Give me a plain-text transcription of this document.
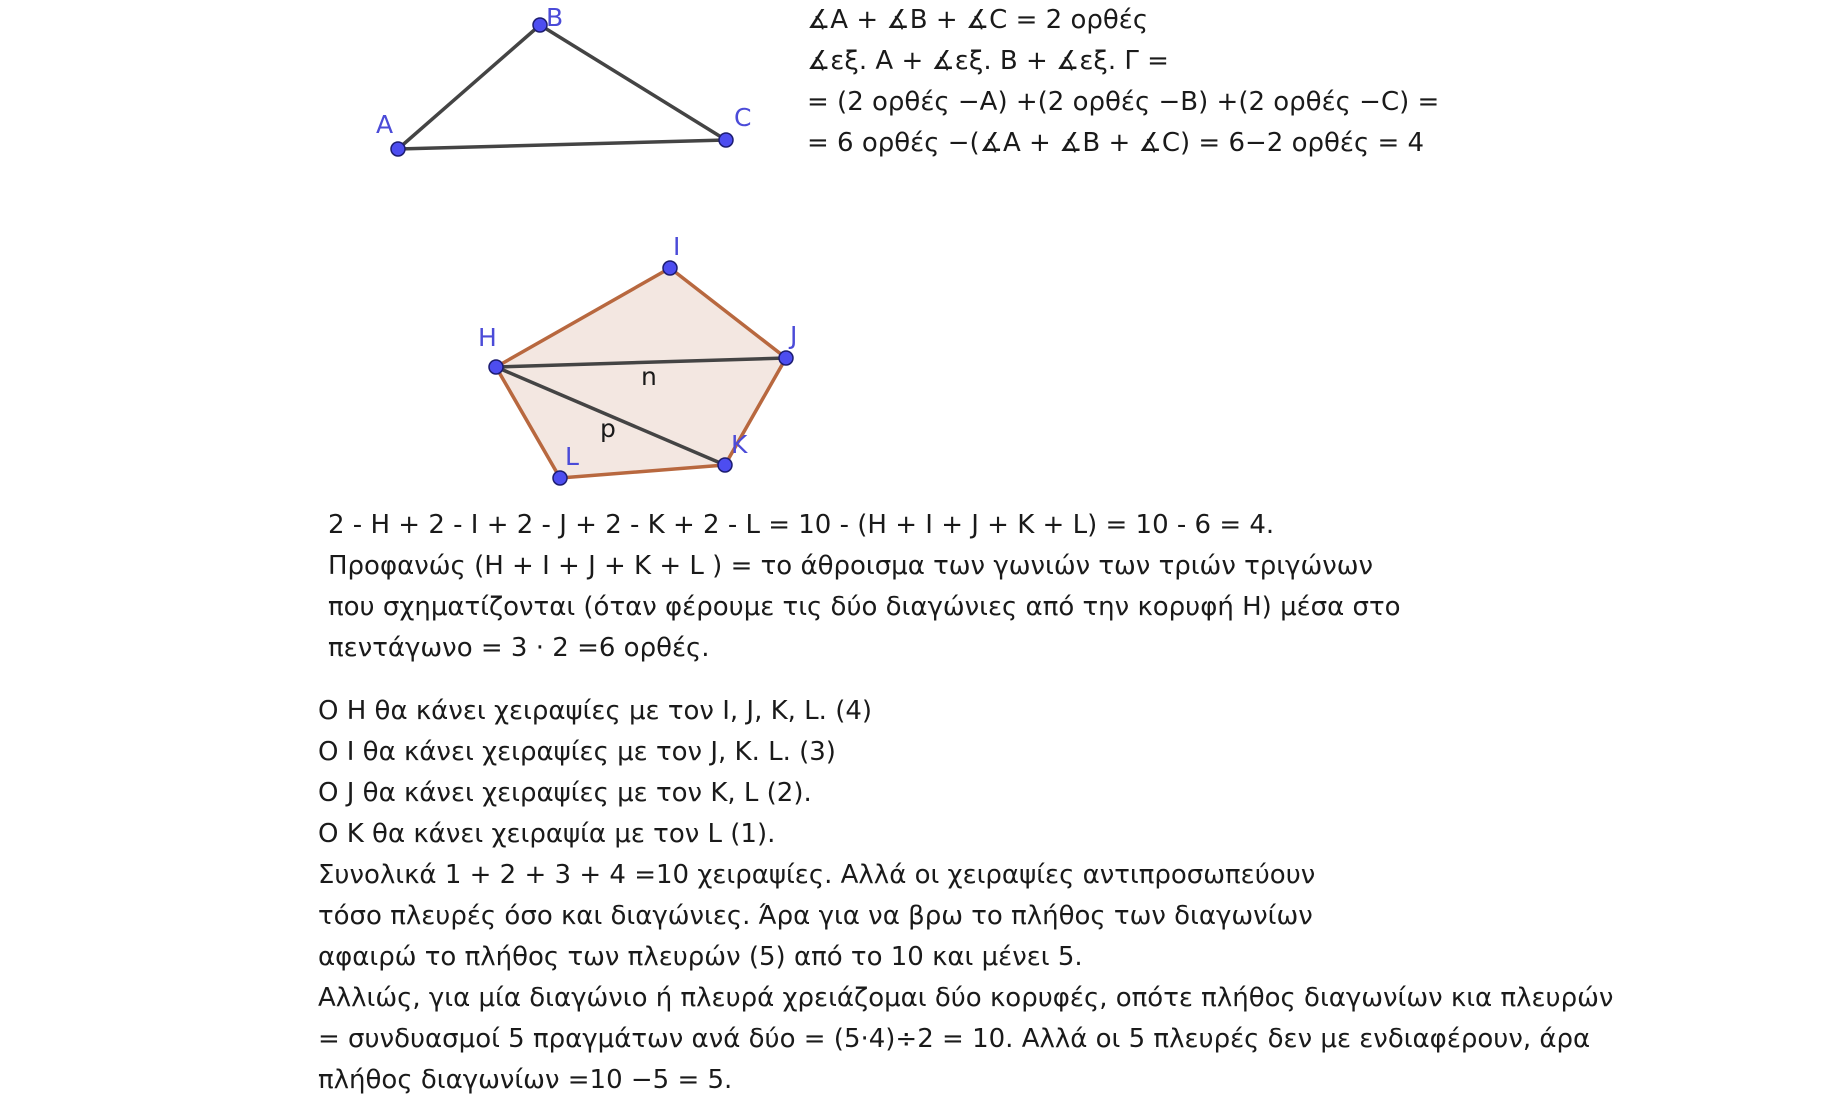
A
B
C
H
I
J
K
L
n
p
∡A + ∡B + ∡C = 2 ορθές
∡εξ. Α + ∡εξ. Β + ∡εξ. Γ =
= (2 ορθές −Α) +(2 ορθές −Β) +(2 ορθές −C) =
= 6 ορθές −(∡A + ∡B + ∡C) = 6−2 ορθές = 4
2 - H + 2 - I + 2 - J + 2 - K + 2 - L = 10 - (H + I + J + K + L) = 10 - 6 = 4.
Προφανώς (H + I + J + K + L ) = το άθροισμα των γωνιών των τριών τριγώνων
που σχηματίζονται (όταν φέρουμε τις δύο διαγώνιες από την κορυφή Η) μέσα στο
πεντάγωνο = 3 · 2 =6 ορθές.
Ο Η θα κάνει χειραψίες με τον Ι, J, K, L. (4)
Ο Ι θα κάνει χειραψίες με τον J, K. L. (3)
O J θα κάνει χειραψίες με τον K, L (2).
O K θα κάνει χειραψία με τον L (1).
Συνολικά 1 + 2 + 3 + 4 =10 χειραψίες. Αλλά οι χειραψίες αντιπροσωπεύουν
τόσο πλευρές όσο και διαγώνιες. Άρα για να βρω το πλήθος των διαγωνίων
αφαιρώ το πλήθος των πλευρών (5) από το 10 και μένει 5.
Αλλιώς, για μία διαγώνιο ή πλευρά χρειάζομαι δύο κορυφές, οπότε πλήθος διαγωνίων κια πλευρών
= συνδυασμοί 5 πραγμάτων ανά δύο = (5·4)÷2 = 10. Αλλά οι 5 πλευρές δεν με ενδιαφέρουν, άρα
πλήθος διαγωνίων =10 −5 = 5.
